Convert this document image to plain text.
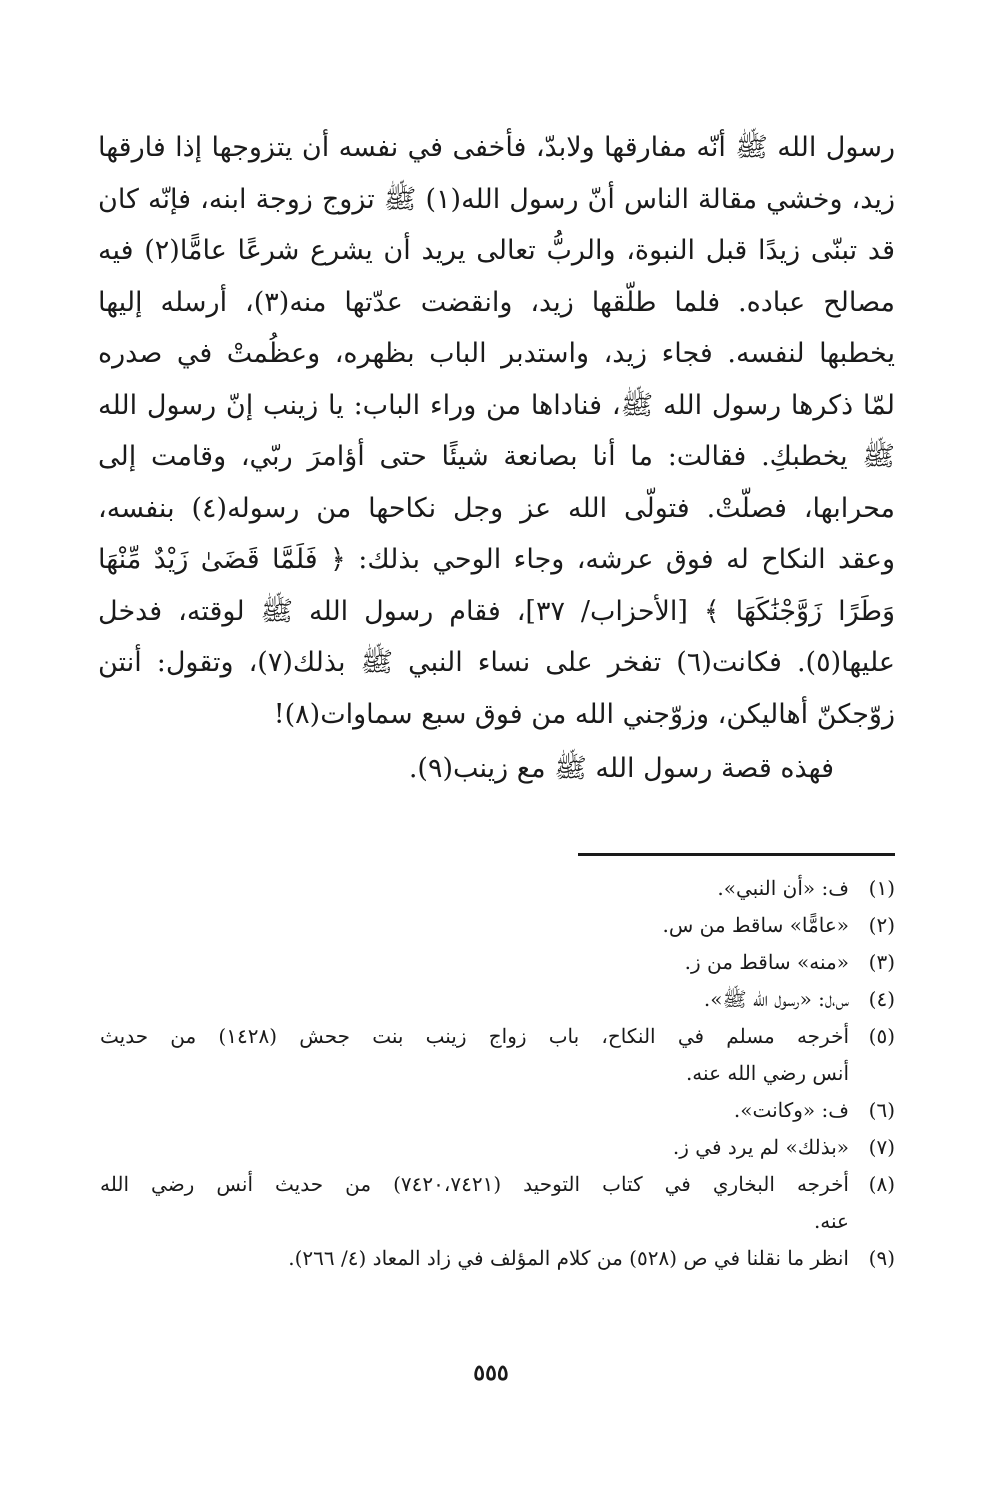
رسول الله ﷺ أنّه مفارقها ولابدّ، فأخفى في نفسه أن يتزوجها إذا فارقها
زيد، وخشي مقالة الناس أنّ رسول الله(١) ﷺ تزوج زوجة ابنه، فإنّه كان
قد تبنّى زيدًا قبل النبوة، والربُّ تعالى يريد أن يشرع شرعًا عامًّا(٢) فيه
مصالح عباده. فلما طلّقها زيد، وانقضت عدّتها منه(٣)، أرسله إليها
يخطبها لنفسه. فجاء زيد، واستدبر الباب بظهره، وعظُمتْ في صدره
لمّا ذكرها رسول الله ﷺ، فناداها من وراء الباب: يا زينب إنّ رسول الله
ﷺ يخطبكِ. فقالت: ما أنا بصانعة شيئًا حتى أؤامرَ ربّي، وقامت إلى
محرابها، فصلّتْ. فتولّى الله عز وجل نكاحها من رسوله(٤) بنفسه،
وعقد النكاح له فوق عرشه، وجاء الوحي بذلك: ﴿ فَلَمَّا قَضَىٰ زَيْدٌ مِّنْهَا
وَطَرًا زَوَّجْنَٰكَهَا ﴾ [الأحزاب/ ٣٧]، فقام رسول الله ﷺ لوقته، فدخل
عليها(٥). فكانت(٦) تفخر على نساء النبي ﷺ بذلك(٧)، وتقول: أنتن
زوّجكنّ أهاليكن، وزوّجني الله من فوق سبع سماوات(٨)!
فهذه قصة رسول الله ﷺ مع زينب(٩).
(١)
ف: «أن النبي».
(٢)
«عامًّا» ساقط من س.
(٣)
«منه» ساقط من ز.
(٤)
س،ل: «رسول الله ﷺ».
(٥)
أخرجه مسلم في النكاح، باب زواج زينب بنت جحش (١٤٢٨) من حديث
أنس رضي الله عنه.
(٦)
ف: «وكانت».
(٧)
«بذلك» لم يرد في ز.
(٨)
أخرجه البخاري في كتاب التوحيد (٧٤٢٠،٧٤٢١) من حديث أنس رضي الله
عنه.
(٩)
انظر ما نقلنا في ص (٥٢٨) من كلام المؤلف في زاد المعاد (٤/ ٢٦٦).
٥٥٥
